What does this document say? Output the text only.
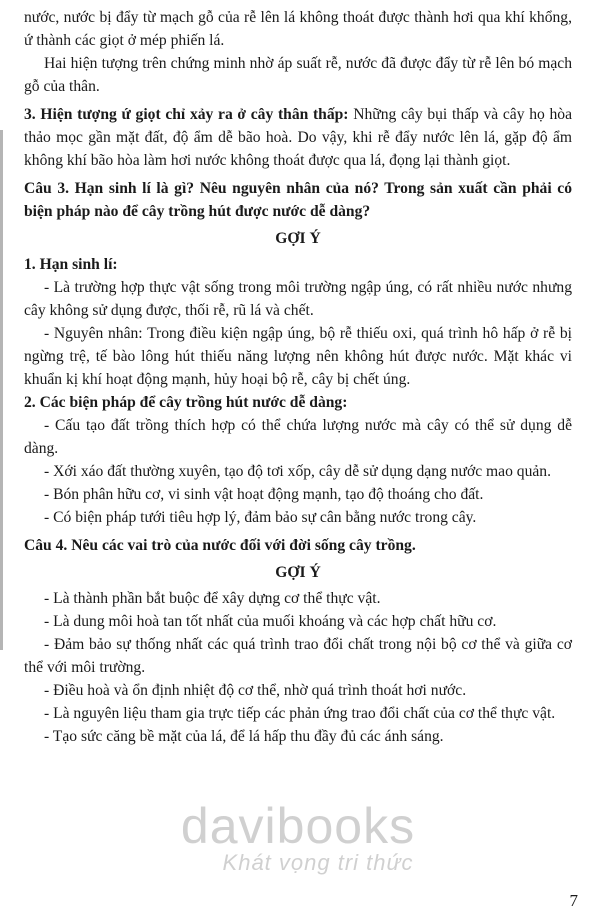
nước, nước bị đẩy từ mạch gỗ của rễ lên lá không thoát được thành hơi qua khí khổng, ứ thành các giọt ở mép phiến lá.

Hai hiện tượng trên chứng minh nhờ áp suất rễ, nước đã được đẩy từ rễ lên bó mạch gỗ của thân.

3. Hiện tượng ứ giọt chỉ xảy ra ở cây thân thấp: Những cây bụi thấp và cây họ hòa thảo mọc gần mặt đất, độ ẩm dễ bão hoà. Do vậy, khi rễ đẩy nước lên lá, gặp độ ẩm không khí bão hòa làm hơi nước không thoát được qua lá, đọng lại thành giọt.

Câu 3. Hạn sinh lí là gì? Nêu nguyên nhân của nó? Trong sản xuất cần phải có biện pháp nào để cây trồng hút được nước dễ dàng?

GỢI Ý

1. Hạn sinh lí:

- Là trường hợp thực vật sống trong môi trường ngập úng, có rất nhiều nước nhưng cây không sử dụng được, thối rễ, rũ lá và chết.

- Nguyên nhân: Trong điều kiện ngập úng, bộ rễ thiếu oxi, quá trình hô hấp ở rễ bị ngừng trệ, tế bào lông hút thiếu năng lượng nên không hút được nước. Mặt khác vi khuẩn kị khí hoạt động mạnh, hủy hoại bộ rễ, cây bị chết úng.

2. Các biện pháp để cây trồng hút nước dễ dàng:

- Cấu tạo đất trồng thích hợp có thể chứa lượng nước mà cây có thể sử dụng dễ dàng.

- Xới xáo đất thường xuyên, tạo độ tơi xốp, cây dễ sử dụng dạng nước mao quản.

- Bón phân hữu cơ, vi sinh vật hoạt động mạnh, tạo độ thoáng cho đất.

- Có biện pháp tưới tiêu hợp lý, đảm bảo sự cân bằng nước trong cây.

Câu 4. Nêu các vai trò của nước đối với đời sống cây trồng.

GỢI Ý

- Là thành phần bắt buộc để xây dựng cơ thể thực vật.

- Là dung môi hoà tan tốt nhất của muối khoáng và các hợp chất hữu cơ.

- Đảm bảo sự thống nhất các quá trình trao đổi chất trong nội bộ cơ thể và giữa cơ thể với môi trường.

- Điều hoà và ổn định nhiệt độ cơ thể, nhờ quá trình thoát hơi nước.

- Là nguyên liệu tham gia trực tiếp các phản ứng trao đổi chất của cơ thể thực vật.

- Tạo sức căng bề mặt của lá, để lá hấp thu đầy đủ các ánh sáng.

davibooks
Khát vọng tri thức
7
